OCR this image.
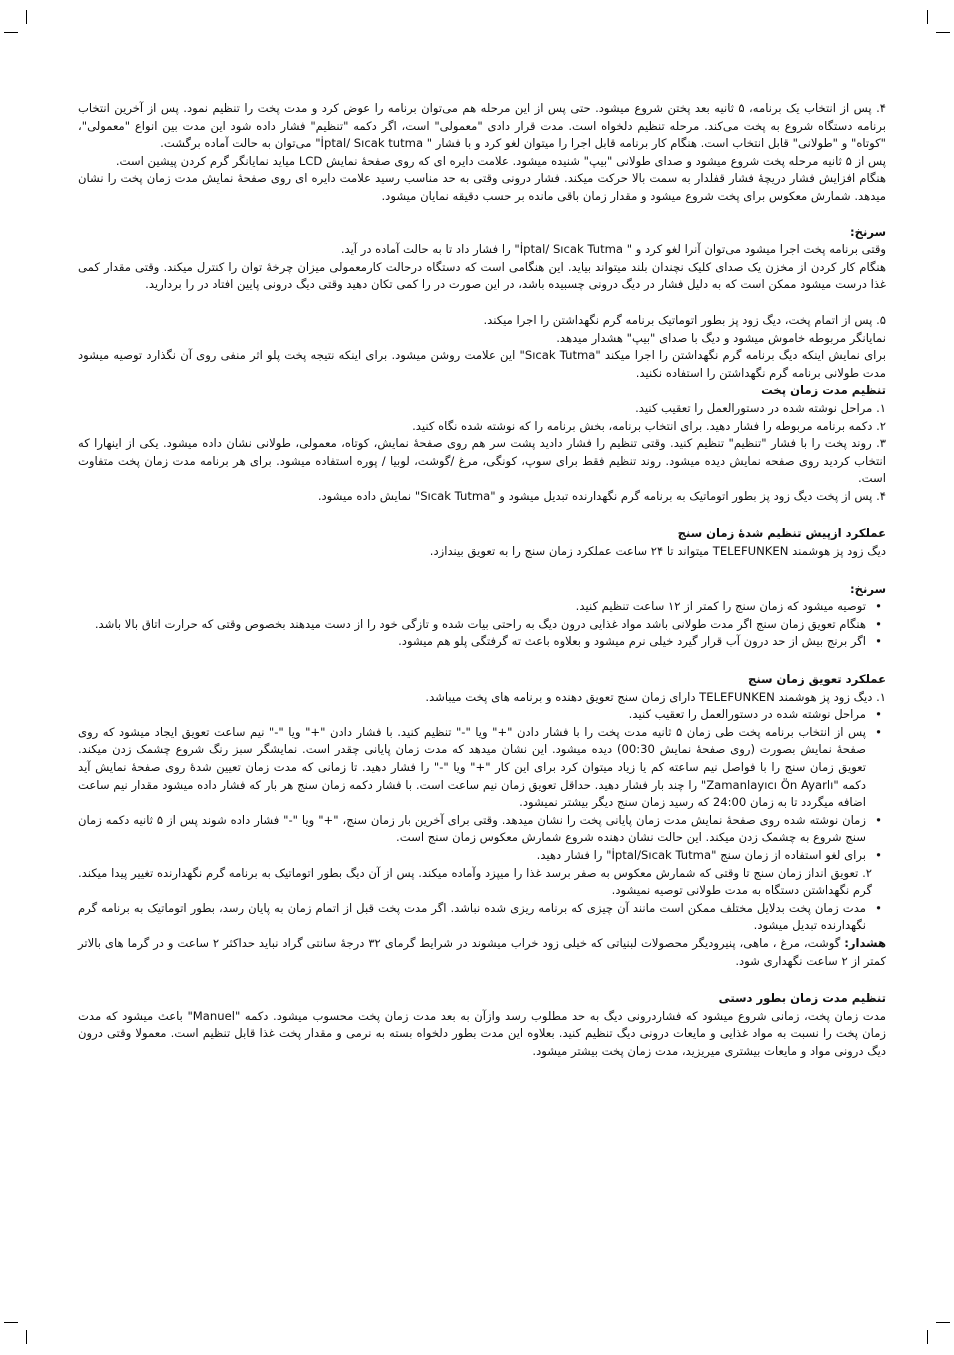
۴. پس از انتخاب یک برنامه، ۵ ثانیه بعد پختن شروع میشود. حتی پس از این مرحله هم می‌توان برنامه را عوض کرد و مدت پخت را تنظیم نمود. پس از آخرین انتخاب برنامه دستگاه شروع به پخت می‌کند. مرحله تنظیم دلخواه است. مدت قرار دادی "معمولی" است، اگر دکمه "تنظیم" فشار داده شود این مدت بین انواع "معمولی"، "کوتاه" و "طولانی" قابل انتخاب است. هنگام کار برنامه قابل اجرا را میتوان لغو کرد و با فشار " İptal/ Sıcak tutma" می‌توان به حالت آماده برگشت.

پس از ۵ ثانیه مرحله پخت شروع میشود و صدای طولانی "بیپ" شنیده میشود. علامت دایره ای که روی صفحهٔ نمایش LCD میاید نمایانگر گرم کردن پیشین است.

هنگام افزایش فشار دریچهٔ فشار قفلدار به سمت بالا حرکت میکند. فشار درونی وقتی به حد مناسب رسید علامت دایره ای روی صفحهٔ نمایش مدت زمان پخت را نشان میدهد. شمارش معکوس برای پخت شروع میشود و مقدار زمان باقی مانده بر حسب دقیقه نمایان میشود.

سرنخ:

وقتی برنامه پخت اجرا میشود می‌توان آنرا لغو کرد و " İptal/ Sıcak Tutma" را فشار داد تا به حالت آماده در آید.

هنگام کار کردن از مخزن یک صدای کلیک نچندان بلند میتواند بیاید. این هنگامی است که دستگاه درحالت کارمعمولی میزان چرخهٔ توان را کنترل میکند. وقتی مقدار کمی غذا درست میشود ممکن است که به دلیل فشار در دیگ درونی چسبیده باشد، در این صورت در را کمی تکان دهید وقتی دیگ درونی پایین افتاد در را بردارید.

۵. پس از اتمام پخت، دیگ زود پز بطور اتوماتیک برنامه گرم نگهداشتن را اجرا میکند.

نمایانگر مربوطه خاموش میشود و دیگ با صدای "بیپ" هشدار میدهد.

برای نمایش اینکه دیگ برنامه گرم نگهداشتن را اجرا میکند "Sıcak Tutma" این علامت روشن میشود. برای اینکه نتیجه پخت پلو اثر منفی روی آن نگذارد توصیه میشود مدت طولانی برنامه گرم نگهداشتن را استفاده نکنید.

تنظیم مدت زمان پخت

۱. مراحل نوشته شده در دستورالعمل را تعقیب کنید.

۲. دکمه برنامه مربوطه را فشار دهید. برای انتخاب برنامه، بخش برنامه را که نوشته شده نگاه کنید.

۳. روند پخت را با فشار "تنظیم" تنظیم کنید. وقتی تنظیم را فشار دادید پشت سر هم روی صفحهٔ نمایش، کوتاه، معمولی، طولانی نشان داده میشود. یکی از اینهارا که انتخاب کردید روی صفحه نمایش دیده میشود. روند تنظیم فقط برای سوپ، کونگی، مرغ /گوشت، لوبیا / پوره استفاده میشود. برای هر برنامه مدت زمان پخت متفاوت است.

۴. پس از پخت دیگ زود پز بطور اتوماتیک به برنامه گرم نگهدارنده تبدیل میشود و "Sıcak Tutma" نمایش داده میشود.

عملکرد ازپیش تنظیم شدهٔ زمان سنج

دیگ زود پز هوشمند TELEFUNKEN میتواند تا ۲۴ ساعت عملکرد زمان سنج را به تعویق بیندازد.

سرنخ:

• توصیه میشود که زمان سنج را کمتر از ۱۲ ساعت تنظیم کنید.

• هنگام تعویق زمان سنج اگر مدت طولانی باشد مواد غذایی درون دیگ به راحتی بیات شده و تازگی خود را از دست میدهند بخصوص وقتی که حرارت اتاق بالا باشد.

• اگر برنج بیش از حد درون آب قرار گیرد خیلی نرم میشود و بعلاوه باعث ته گرفتگی پلو هم میشود.

عملکرد تعویق زمان سنج

۱. دیگ زود پز هوشمند TELEFUNKEN دارای زمان سنج تعویق دهنده و برنامه های پخت میباشد.

• مراحل نوشته شده در دستورالعمل را تعقیب کنید.

• پس از انتخاب برنامه پخت طی زمان ۵ ثانیه مدت پخت را با فشار دادن "+" ویا "-" تنظیم کنید. با فشار دادن "+" ویا "-" نیم ساعت تعویق ایجاد میشود که روی صفحهٔ نمایش بصورت (روی صفحهٔ نمایش 00:30) دیده میشود. این نشان میدهد که مدت زمان پایانی چقدر است. نمایشگر سبز رنگ شروع چشمک زدن میکند. تعویق زمان سنج را با فواصل نیم ساعته کم یا زیاد میتوان کرد برای این کار "+" ویا "-" را فشار دهید. تا زمانی که مدت زمان تعیین شدهٔ روی صفحهٔ نمایش آید دکمه "Zamanlayıcı Ön Ayarlı" را چند بار فشار دهید. حداقل تعویق زمان نیم ساعت است. با فشار دکمه زمان سنج هر بار که فشار داده میشود مقدار نیم ساعت اضافه میگردد تا به زمان 24:00 که رسید زمان سنج دیگر بیشتر نمیشود.

• زمان نوشته شده روی صفحهٔ نمایش مدت زمان پایانی پخت را نشان میدهد. وقتی برای آخرین بار زمان سنج، "+" ویا "-" فشار داده شوند پس از ۵ ثانیه دکمه زمان سنج شروع به چشمک زدن میکند. این حالت نشان دهنده شروع شمارش معکوس زمان سنج است.

• برای لغو استفاده از زمان سنج "İptal/Sıcak Tutma" را فشار دهید.

۲. تعویق انداز زمان سنج تا وقتی که شمارش معکوس به صفر برسد غذا را میپزد وآماده میکند. پس از آن دیگ بطور اتوماتیک به برنامه گرم نگهدارنده تغییر پیدا میکند. گرم نگهداشتن دستگاه به مدت طولانی توصیه نمیشود.

• مدت زمان پخت بدلایل مختلف ممکن است مانند آن چیزی که برنامه ریزی شده نباشد. اگر مدت پخت قبل از اتمام زمان به پایان رسد، بطور اتوماتیک به برنامه گرم نگهدارنده تبدیل میشود.

هشدار: گوشت، مرغ ، ماهی، پنیرودیگر محصولات لبنیاتی که خیلی زود خراب میشوند در شرایط گرمای ۳۲ درجهٔ سانتی گراد نباید حداکثر ۲ ساعت و در گرما های بالاتر کمتر از ۲ ساعت نگهداری شود.

تنظیم مدت زمان بطور دستی

مدت زمان پخت، زمانی شروع میشود که فشاردرونی دیگ به حد مطلوب رسد وازآن به بعد مدت زمان پخت محسوب میشود. دکمه "Manuel" باعث میشود که مدت زمان پخت را نسبت به مواد غذایی و مایعات درونی دیگ تنظیم کنید. بعلاوه این مدت بطور دلخواه بسته به نرمی و مقدار پخت غذا قابل تنظیم است. معمولا وقتی درون دیگ درونی مواد و مایعات بیشتری میریزید، مدت زمان پخت بیشتر میشود.
